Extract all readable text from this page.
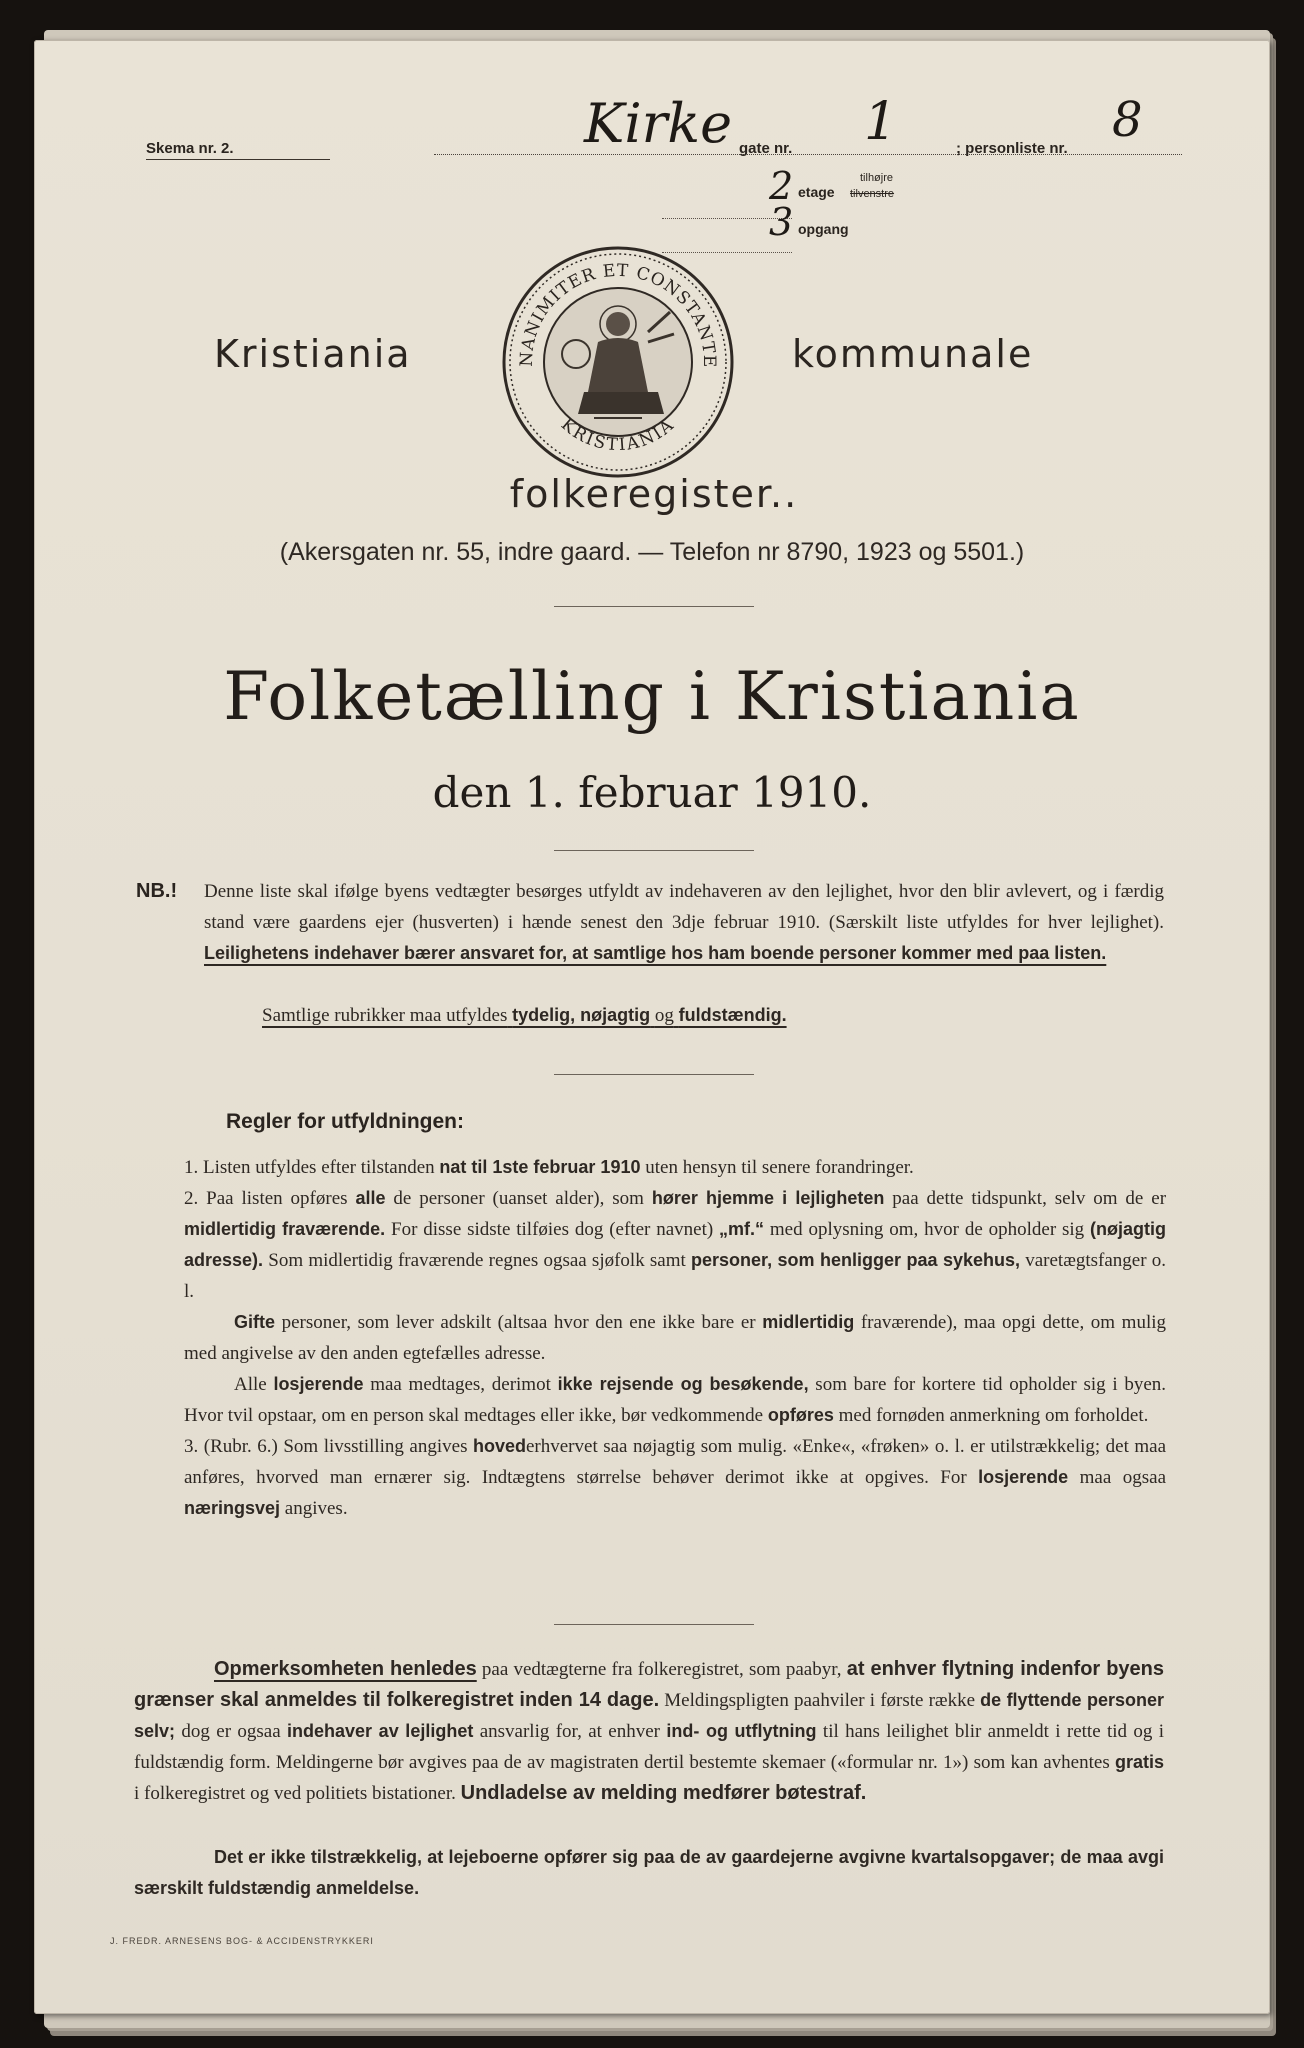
Skema nr. 2.	Kirke gate nr. 1	; personliste nr.
8
2 etage
tilhøjre
tilvenstre
3 opgang
Kristiania	kommunale
NANIMITER ET CONSTANTE
KRISTIANIA
folkeregister..
(Akersgaten nr. 55, indre gaard. — Telefon nr 8790, 1923 og 5501.)
Folketælling i Kristiania
den 1. februar 1910.
NB.! Denne liste skal ifølge byens vedtægter besørges utfyldt av indehaveren av den lejlighet, hvor den blir avlevert, og i færdig stand være gaardens ejer (husverten) i hænde senest den 3dje februar 1910. (Særskilt liste utfyldes for hver lejlighet). Leilighetens indehaver bærer ansvaret for, at samtlige hos ham boende personer kommer med paa listen.
Samtlige rubrikker maa utfyldes tydelig, nøjagtig og fuldstændig.
Regler for utfyldningen:
1. Listen utfyldes efter tilstanden nat til 1ste februar 1910 uten hensyn til senere forandringer.
2. Paa listen opføres alle de personer (uanset alder), som hører hjemme i lejligheten paa dette tidspunkt, selv om de er midlertidig fraværende. For disse sidste tilføies dog (efter navnet) „mf.“ med oplysning om, hvor de opholder sig (nøjagtig adresse). Som midlertidig fraværende regnes ogsaa sjøfolk samt personer, som henligger paa sykehus, varetægtsfanger o. l.
Gifte personer, som lever adskilt (altsaa hvor den ene ikke bare er midlertidig fraværende), maa opgi dette, om mulig med angivelse av den anden egtefælles adresse.
Alle losjerende maa medtages, derimot ikke rejsende og besøkende, som bare for kortere tid opholder sig i byen. Hvor tvil opstaar, om en person skal medtages eller ikke, bør vedkommende opføres med fornøden anmerkning om forholdet.
3. (Rubr. 6.) Som livsstilling angives hovederhvervet saa nøjagtig som mulig. «Enke«, «frøken» o. l. er utilstrækkelig; det maa anføres, hvorved man ernærer sig. Indtægtens størrelse behøver derimot ikke at opgives. For losjerende maa ogsaa næringsvej angives.
Opmerksomheten henledes paa vedtægterne fra folkeregistret, som paabyr, at enhver flytning indenfor byens grænser skal anmeldes til folkeregistret inden 14 dage. Meldingspligten paahviler i første række de flyttende personer selv; dog er ogsaa indehaver av lejlighet ansvarlig for, at enhver ind- og utflytning til hans leilighet blir anmeldt i rette tid og i fuldstændig form. Meldingerne bør avgives paa de av magistraten dertil bestemte skemaer («formular nr. 1») som kan avhentes gratis i folkeregistret og ved politiets bistationer. Undladelse av melding medfører bøtestraf.
Det er ikke tilstrækkelig, at lejeboerne opfører sig paa de av gaardejerne avgivne kvartalsopgaver; de maa avgi særskilt fuldstændig anmeldelse.
J. FREDR. ARNESENS BOG- & ACCIDENSTRYKKERI
